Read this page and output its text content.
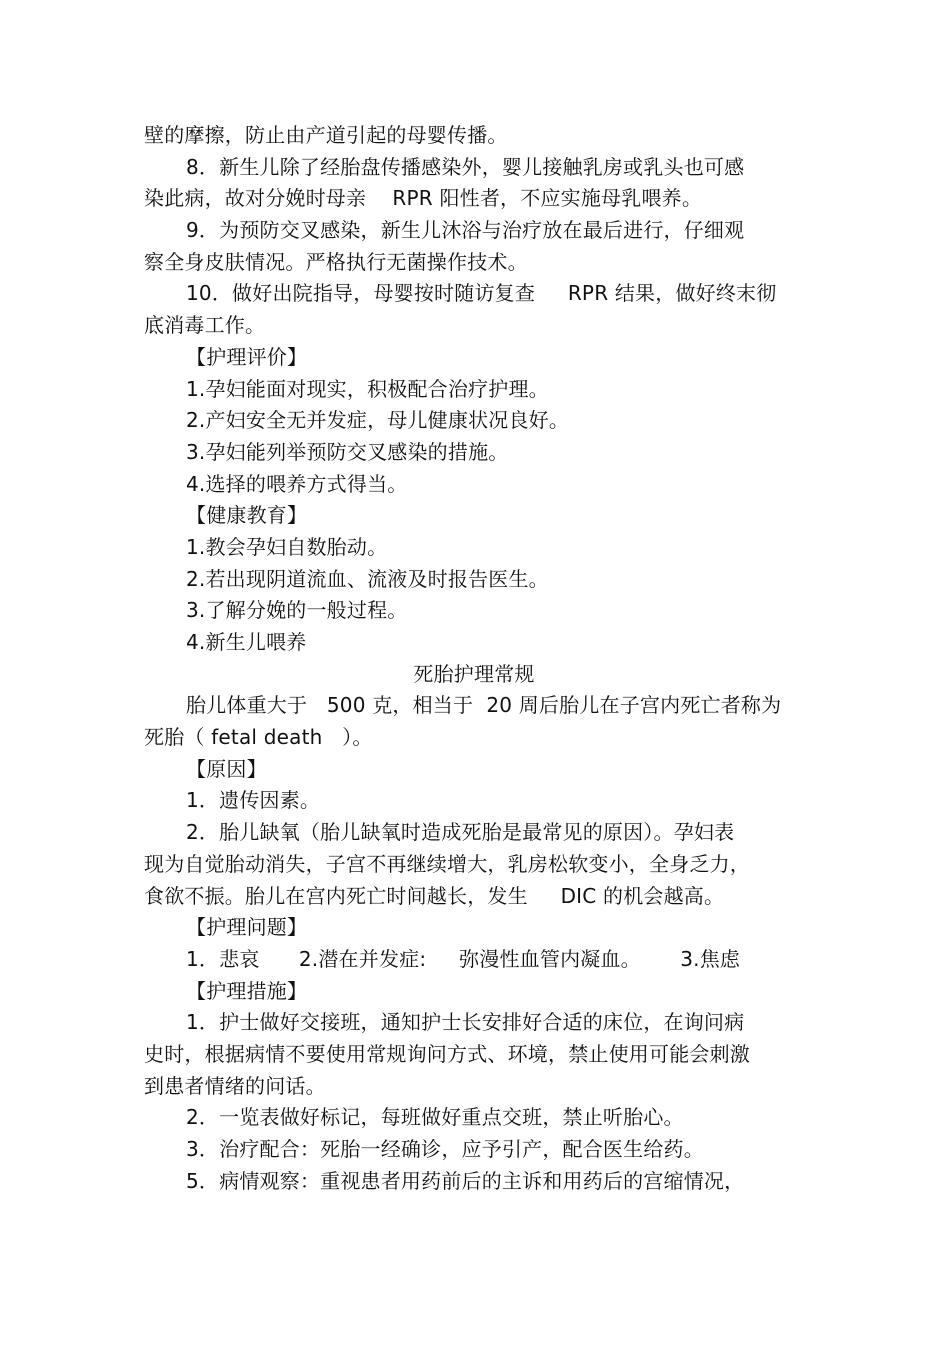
壁的摩擦，防止由产道引起的母婴传播。
8．新生儿除了经胎盘传播感染外，婴儿接触乳房或乳头也可感
染此病，故对分娩时母亲    RPR 阳性者，不应实施母乳喂养。
9．为预防交叉感染，新生儿沐浴与治疗放在最后进行，仔细观
察全身皮肤情况。严格执行无菌操作技术。
10．做好出院指导，母婴按时随访复查     RPR 结果，做好终末彻
底消毒工作。
【护理评价】
1.孕妇能面对现实，积极配合治疗护理。
2.产妇安全无并发症，母儿健康状况良好。
3.孕妇能列举预防交叉感染的措施。
4.选择的喂养方式得当。
【健康教育】
1.教会孕妇自数胎动。
2.若出现阴道流血、流液及时报告医生。
3.了解分娩的一般过程。
4.新生儿喂养
死胎护理常规
胎儿体重大于   500 克，相当于  20 周后胎儿在子宫内死亡者称为
死胎（ fetal death   ）。
【原因】
1．遗传因素。
2．胎儿缺氧（胎儿缺氧时造成死胎是最常见的原因）。孕妇表
现为自觉胎动消失，子宫不再继续增大，乳房松软变小，全身乏力，
食欲不振。胎儿在宫内死亡时间越长，发生     DIC 的机会越高。
【护理问题】
1．悲哀      2.潜在并发症:     弥漫性血管内凝血。      3.焦虑
【护理措施】
1．护士做好交接班，通知护士长安排好合适的床位，在询问病
史时，根据病情不要使用常规询问方式、环境，禁止使用可能会刺激
到患者情绪的问话。
2．一览表做好标记，每班做好重点交班，禁止听胎心。
3．治疗配合：死胎一经确诊，应予引产，配合医生给药。
5．病情观察：重视患者用药前后的主诉和用药后的宫缩情况，
